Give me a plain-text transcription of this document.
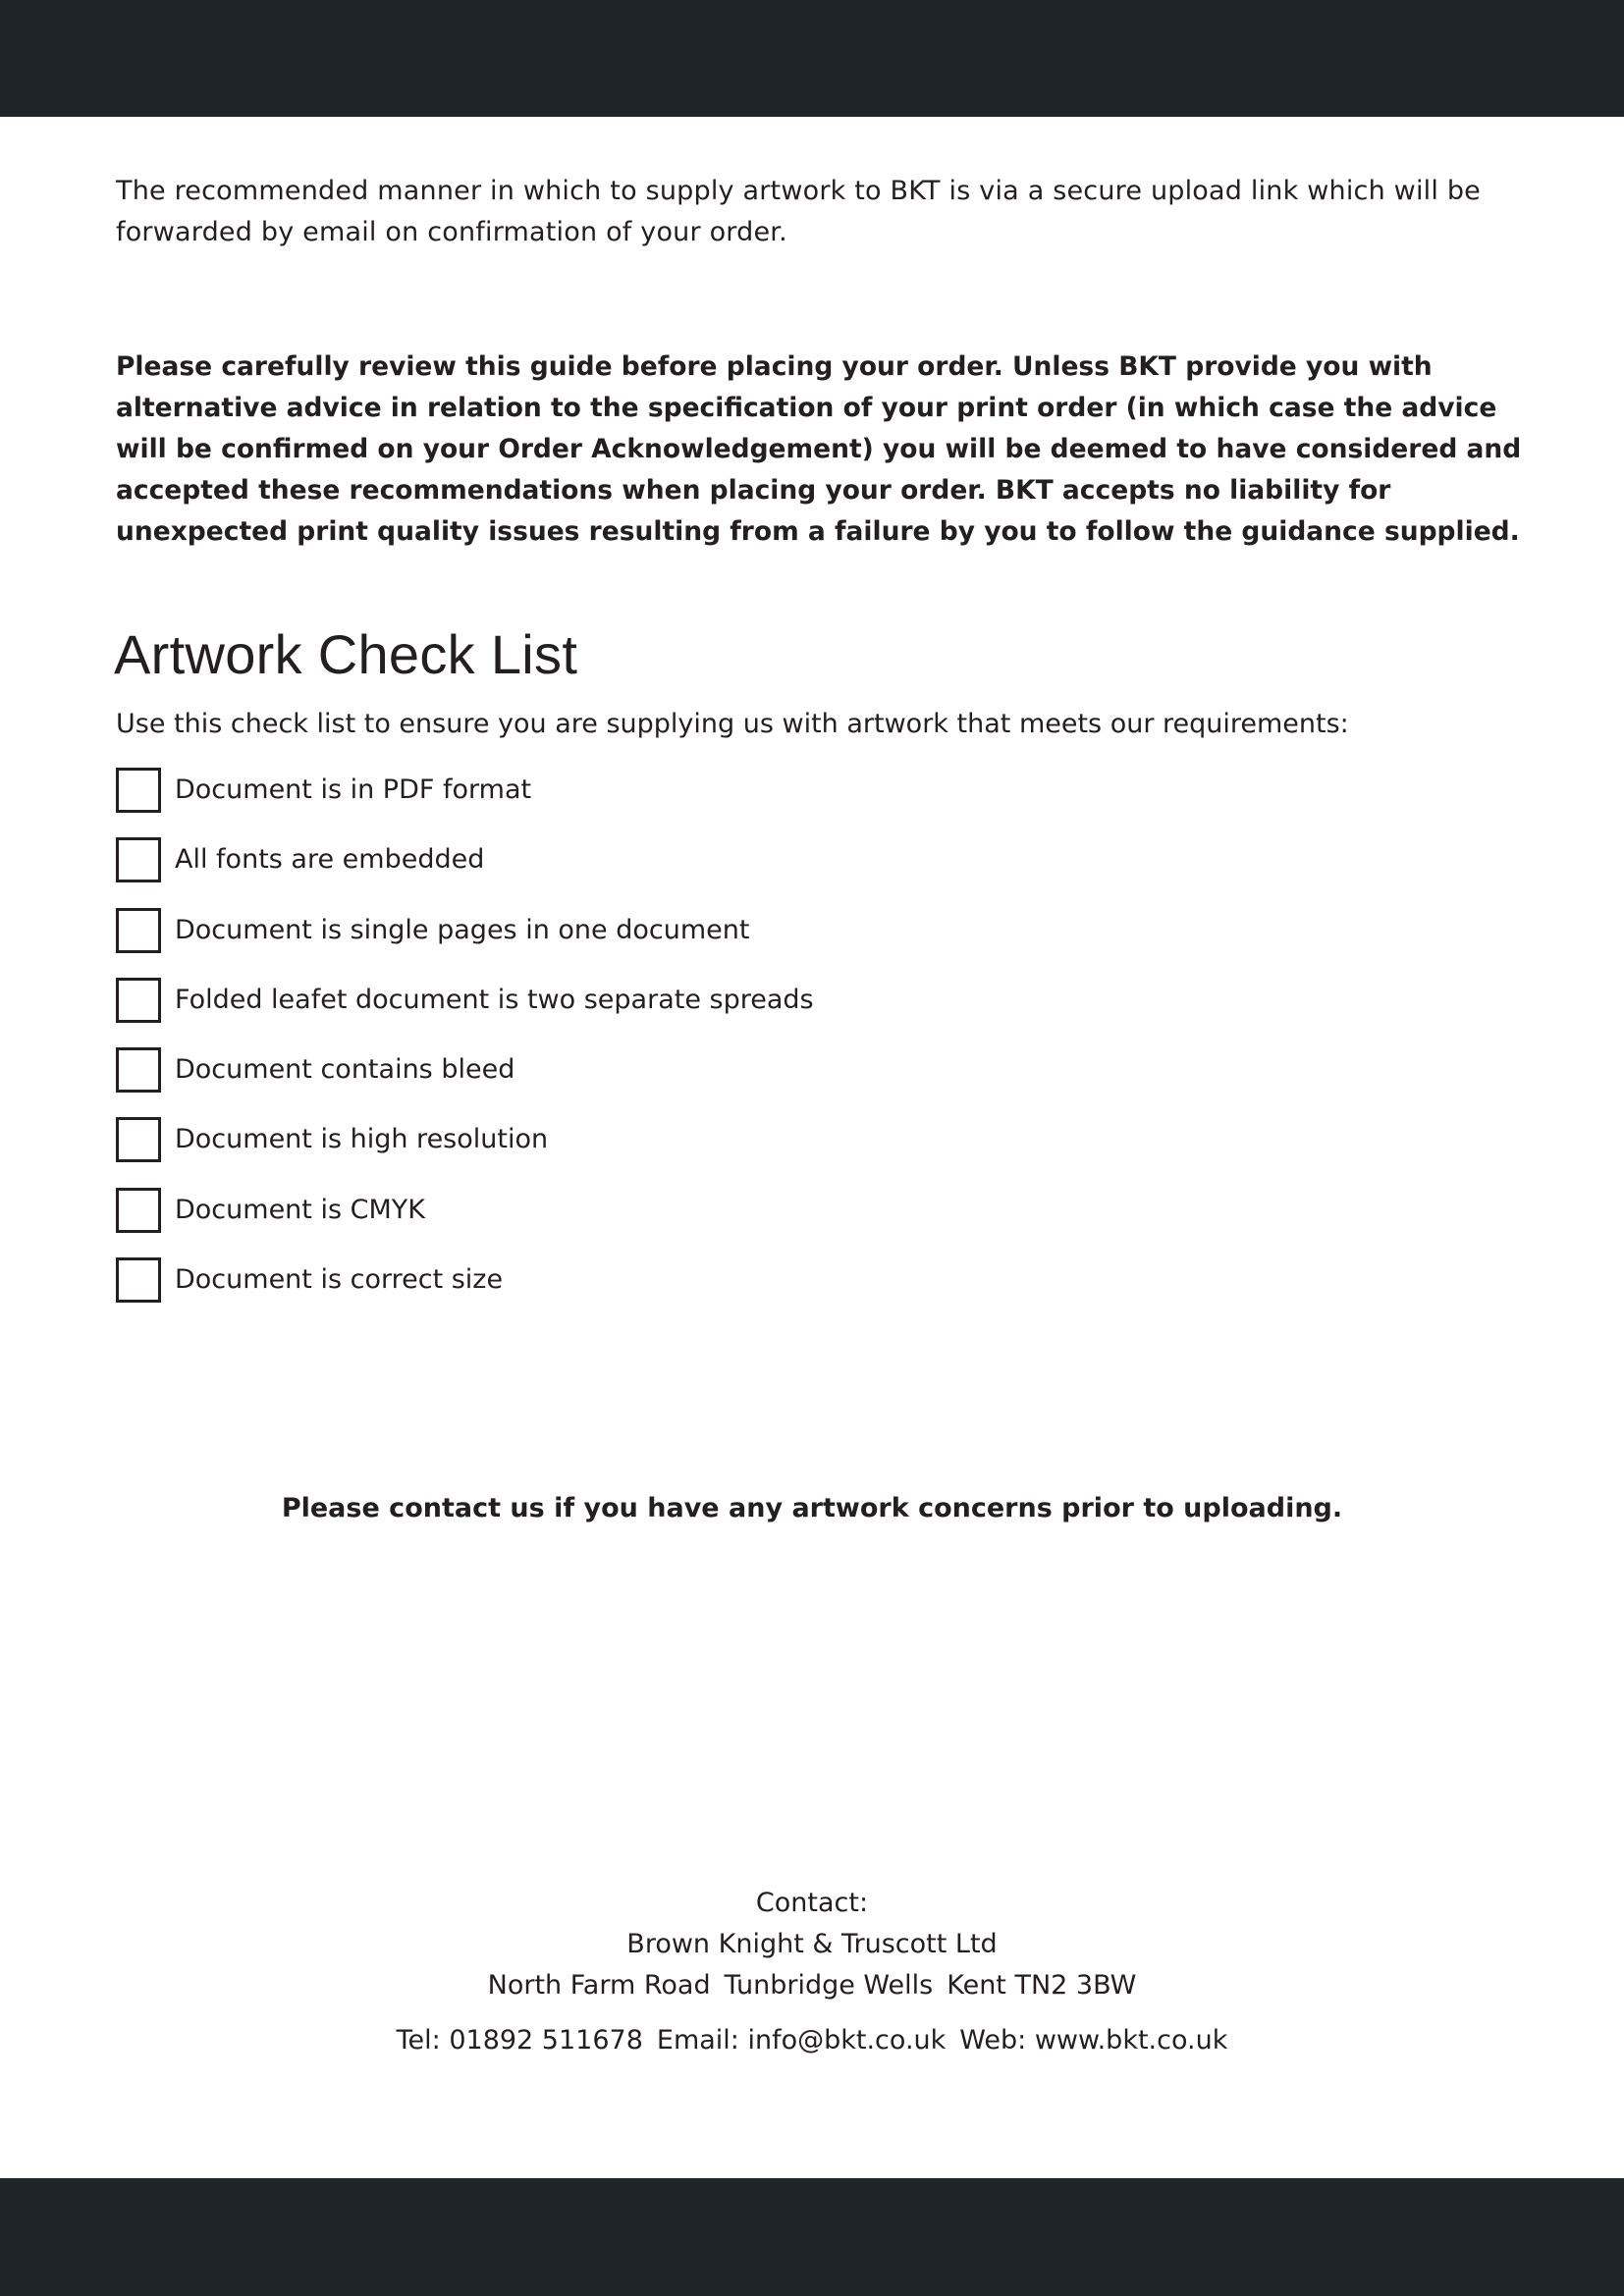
The recommended manner in which to supply artwork to BKT is via a secure upload link which will be forwarded by email on confirmation of your order.

Please carefully review this guide before placing your order. Unless BKT provide you with alternative advice in relation to the specification of your print order (in which case the advice will be confirmed on your Order Acknowledgement) you will be deemed to have considered and accepted these recommendations when placing your order. BKT accepts no liability for unexpected print quality issues resulting from a failure by you to follow the guidance supplied.

Artwork Check List

Use this check list to ensure you are supplying us with artwork that meets our requirements:

Document is in PDF format
All fonts are embedded
Document is single pages in one document
Folded leafet document is two separate spreads
Document contains bleed
Document is high resolution
Document is CMYK
Document is correct size

Please contact us if you have any artwork concerns prior to uploading.

Contact:
Brown Knight & Truscott Ltd
North Farm Road Tunbridge Wells Kent TN2 3BW
Tel: 01892 511678 Email: info@bkt.co.uk Web: www.bkt.co.uk
